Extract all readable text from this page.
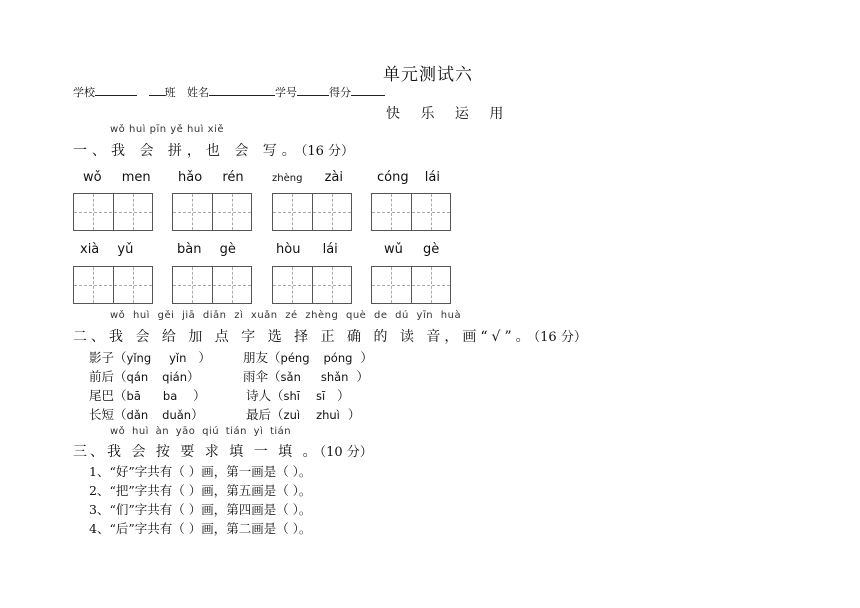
单元测试六
学校	班 姓名	学号	得分
快 乐 运 用
wǒ huì pīn yě huì xiě
一、我 会 拼，也 会 写。（16 分）
wǒ men hǎo rén	zhèng zài	cóng lái
xià yǔ	bàn gè	hòu lái	wǔ gè
wǒ huì gěi jiā diǎn zì xuǎn zé zhèng què de dú yīn huà
二、我 会 给 加 点 字 选 择 正 确 的 读 音，画“√”。（16 分）
影子（yǐng yǐn   ）	朋友（péng póng  ）
前后（qán qián）	雨伞（sǎn shǎn  ）
尾巴（bā ba    ）	诗人（shī sī   ）
长短（dǎn duǎn）	最后（zuì zhuì  ）
wǒ huì àn yāo qiú tián yì tián
三、我 会 按 要 求 填 一 填 。（10 分）
1、“好”字共有（ ）画，第一画是（ ）。
2、“把”字共有（ ）画，第五画是（ ）。
3、“们”字共有（ ）画，第四画是（ ）。
4、“后”字共有（ ）画，第二画是（ ）。
